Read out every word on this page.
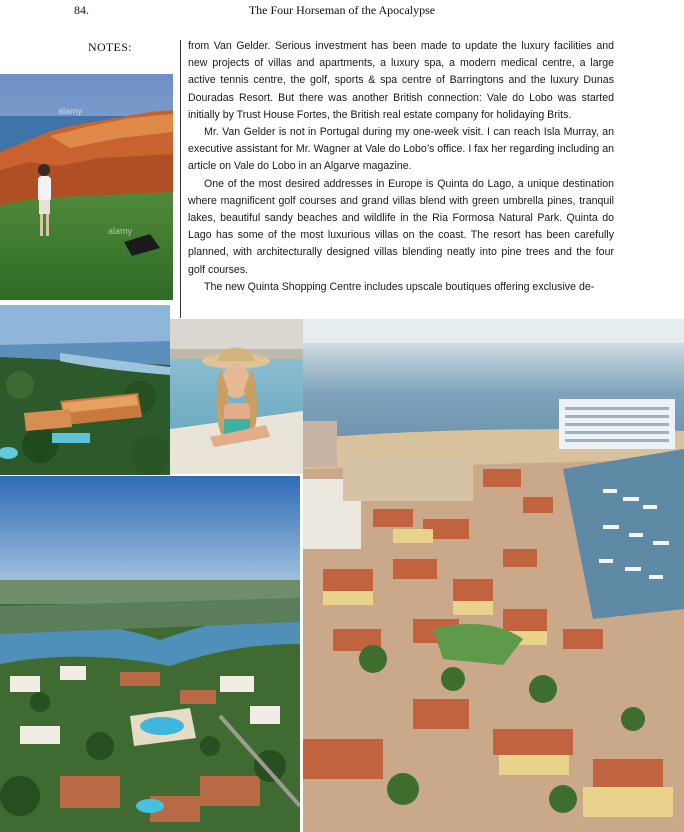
84.	The Four Horseman of the Apocalypse
NOTES:	from Van Gelder. Serious investment has been made to update the luxury facilities and new projects of villas and apartments, a luxury spa, a modern medical centre, a large active tennis centre, the golf, sports & spa centre of Barringtons and the luxury Dunas Douradas Resort. But there was another British connection: Vale do Lobo was started initially by Trust House Fortes, the British real estate company for holidaying Brits.

Mr. Van Gelder is not in Portugal during my one-week visit. I can reach Isla Murray, an executive assistant for Mr. Wagner at Vale do Lobo’s office. I fax her regarding including an article on Vale do Lobo in an Algarve magazine.

One of the most desired addresses in Europe is Quinta do Lago, a unique destination where magnificent golf courses and grand villas blend with green umbrella pines, tranquil lakes, beautiful sandy beaches and wildlife in the Ria Formosa Natural Park. Quinta do Lago has some of the most luxurious villas on the coast. The resort has been carefully planned, with architecturally designed villas blending neatly into pine trees and the four golf courses.

The new Quinta Shopping Centre includes upscale boutiques offering exclusive de-

alamy
alamy
